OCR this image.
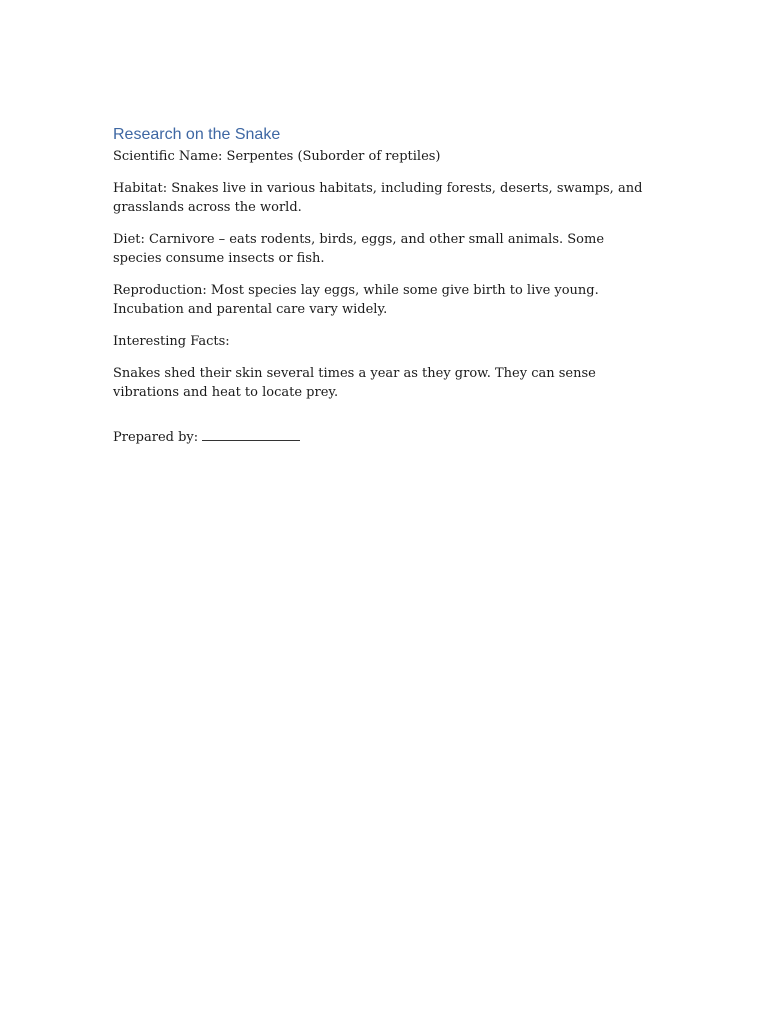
Research on the Snake

Scientific Name: Serpentes (Suborder of reptiles)

Habitat: Snakes live in various habitats, including forests, deserts, swamps, and grasslands across the world.

Diet: Carnivore – eats rodents, birds, eggs, and other small animals. Some species consume insects or fish.

Reproduction: Most species lay eggs, while some give birth to live young. Incubation and parental care vary widely.

Interesting Facts:

Snakes shed their skin several times a year as they grow. They can sense vibrations and heat to locate prey.

Prepared by:
